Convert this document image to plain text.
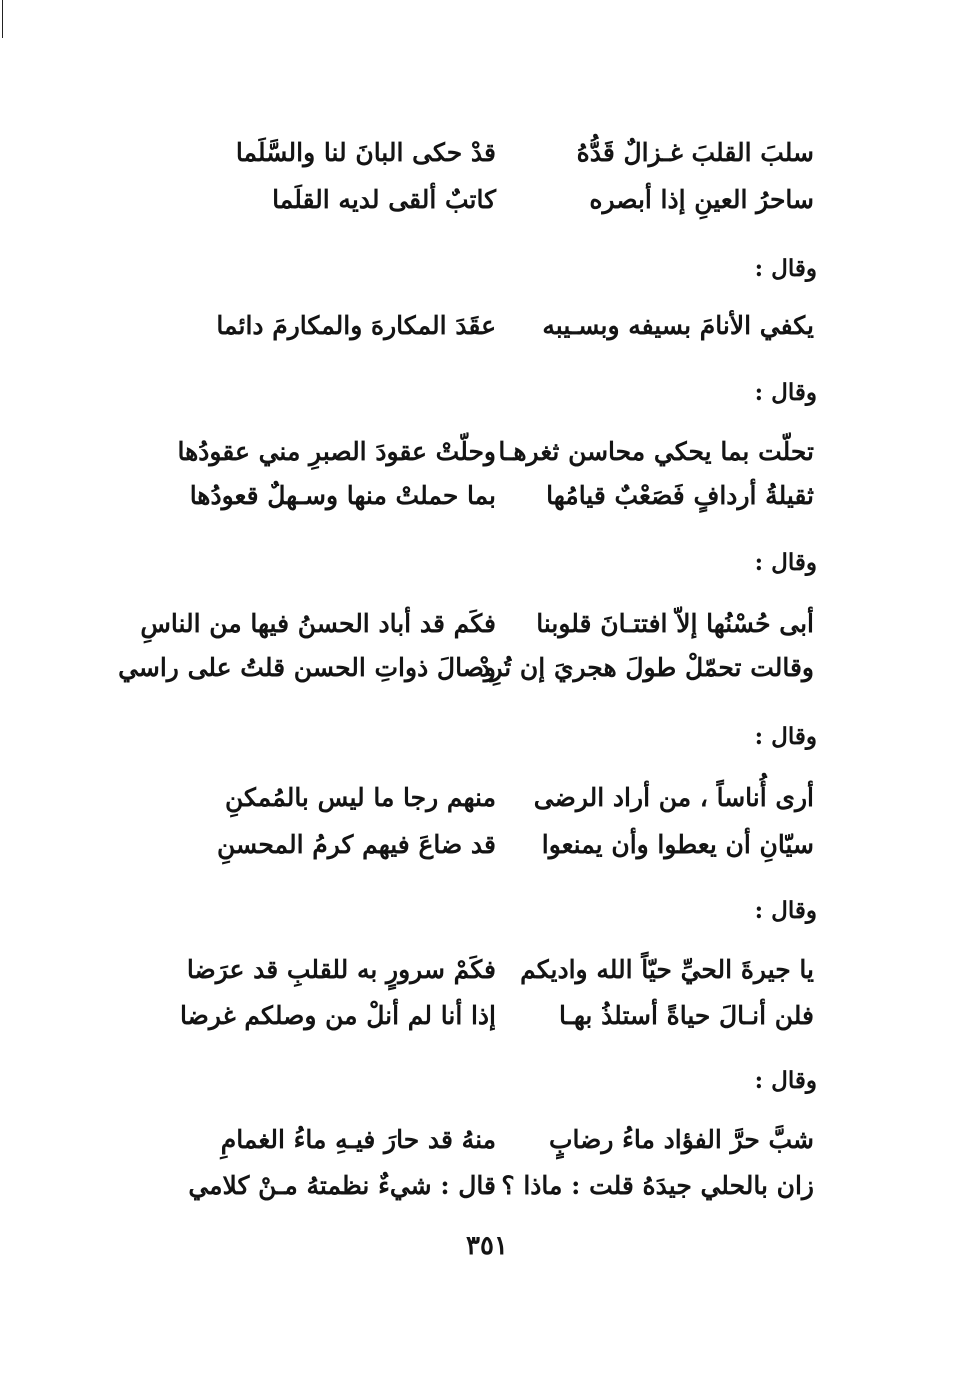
سلبَ القلبَ غـزالٌ قَدُّهُ
قدْ حكى البانَ لنا والسَّلَما
ساحرُ العينِ إذا أبصره
كاتبٌ ألقى لديه القلَما
وقال :
يكفي الأنامَ بسيفه وبسـيبه
عقَدَ المكارهَ والمكارمَ دائما
وقال :
تحلّت بما يحكي محاسن ثغرهـا
وحلّتْ عقودَ الصبرِ مني عقودُها
ثقيلةُ أردافٍ فَصَعْبٌ قيامُها
بما حملتْ منها وسـهلٌ قعودُها
وقال :
أبى حُسْنُها إلاّ افتتـانَ قلوبنا
فكَم قد أباد الحسنُ فيها من الناسِ
وقالت تحمّلْ طولَ هجريَ إن تُرِدْ
وصالَ ذواتِ الحسن قلتُ على راسي
وقال :
أرى أُناساً ، من أراد الرضى
منهم رجا ما ليس بالمُمكنِ
سيّانِ أن يعطوا وأن يمنعوا
قد ضاعَ فيهم كرمُ المحسنِ
وقال :
يا جيرةَ الحيِّ حيّاً الله واديكم
فكَمْ سرورٍ به للقلبِ قد عرَضا
فلن أنـالَ حياةً أستلذُ بهـا
إذا أنا لم أنلْ من وصلكم غرضا
وقال :
شبَّ حرَّ الفؤاد ماءُ رضابٍ
منهُ قد حارَ فيـهِ ماءُ الغمامِ
زان بالحلي جيدَهُ قلت : ماذا ؟
قال : شيءٌ نظمتهُ مـنْ كلامي
٣٥١
